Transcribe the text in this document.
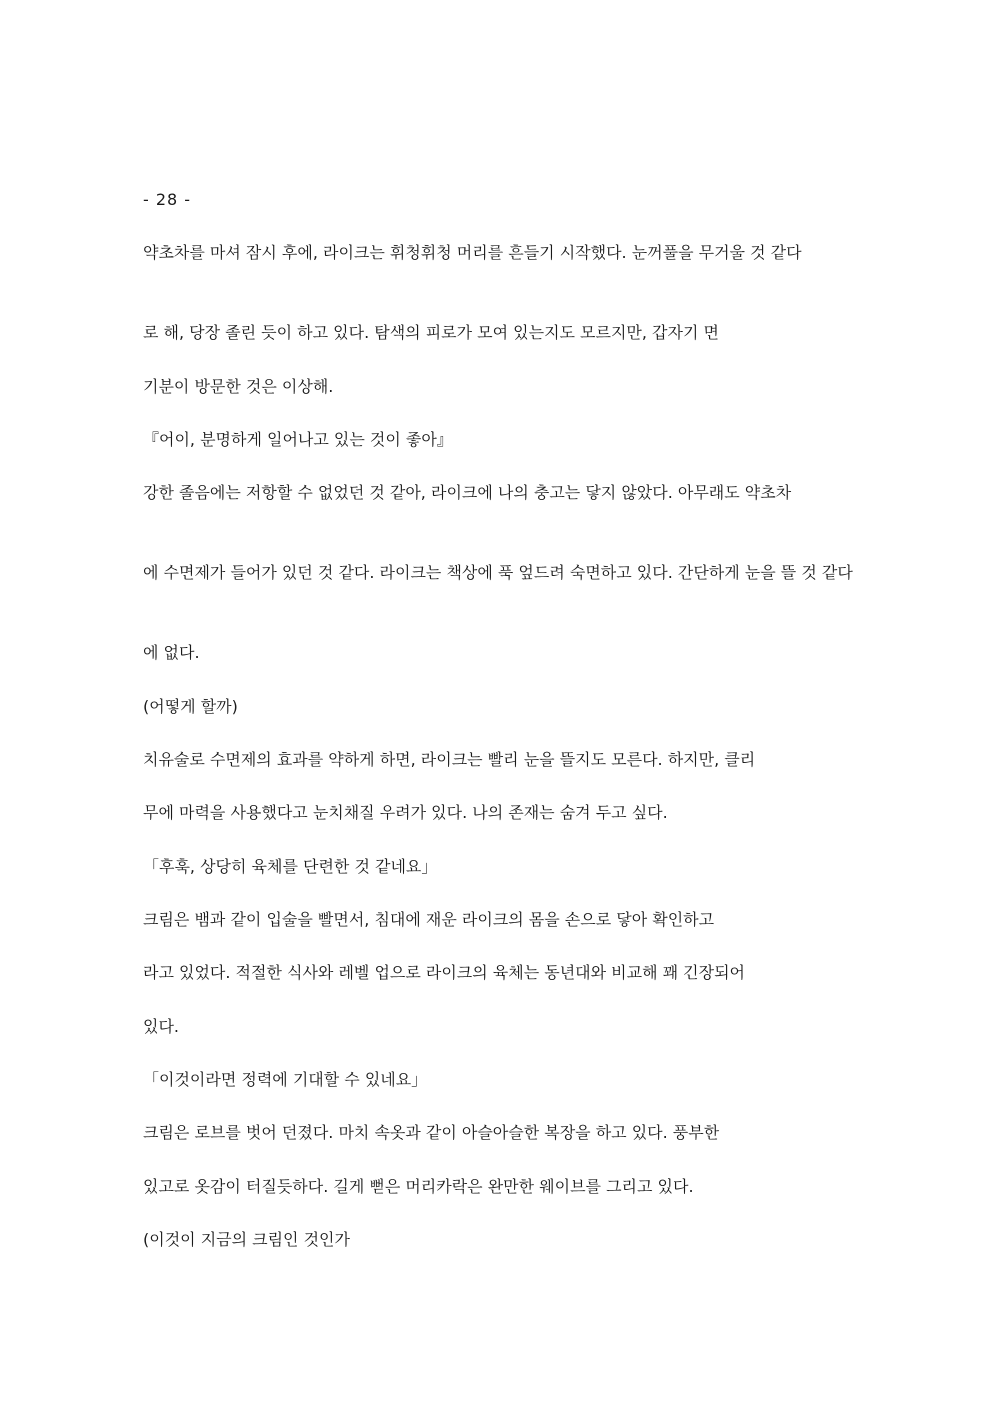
- 28 -
약초차를 마셔 잠시 후에, 라이크는 휘청휘청 머리를 흔들기 시작했다. 눈꺼풀을 무거울 것 같다
로 해, 당장 졸린 듯이 하고 있다. 탐색의 피로가 모여 있는지도 모르지만, 갑자기 면
기분이 방문한 것은 이상해.
『어이, 분명하게 일어나고 있는 것이 좋아』
강한 졸음에는 저항할 수 없었던 것 같아, 라이크에 나의 충고는 닿지 않았다. 아무래도 약초차
에 수면제가 들어가 있던 것 같다. 라이크는 책상에 푹 엎드려 숙면하고 있다. 간단하게 눈을 뜰 것 같다
에 없다.
(어떻게 할까)
치유술로 수면제의 효과를 약하게 하면, 라이크는 빨리 눈을 뜰지도 모른다. 하지만, 클리
무에 마력을 사용했다고 눈치채질 우려가 있다. 나의 존재는 숨겨 두고 싶다.
「후훅, 상당히 육체를 단련한 것 같네요」
크림은 뱀과 같이 입술을 빨면서, 침대에 재운 라이크의 몸을 손으로 닿아 확인하고
라고 있었다. 적절한 식사와 레벨 업으로 라이크의 육체는 동년대와 비교해 꽤 긴장되어
있다.
「이것이라면 정력에 기대할 수 있네요」
크림은 로브를 벗어 던졌다. 마치 속옷과 같이 아슬아슬한 복장을 하고 있다. 풍부한
있고로 옷감이 터질듯하다. 길게 뻗은 머리카락은 완만한 웨이브를 그리고 있다.
(이것이 지금의 크림인 것인가
